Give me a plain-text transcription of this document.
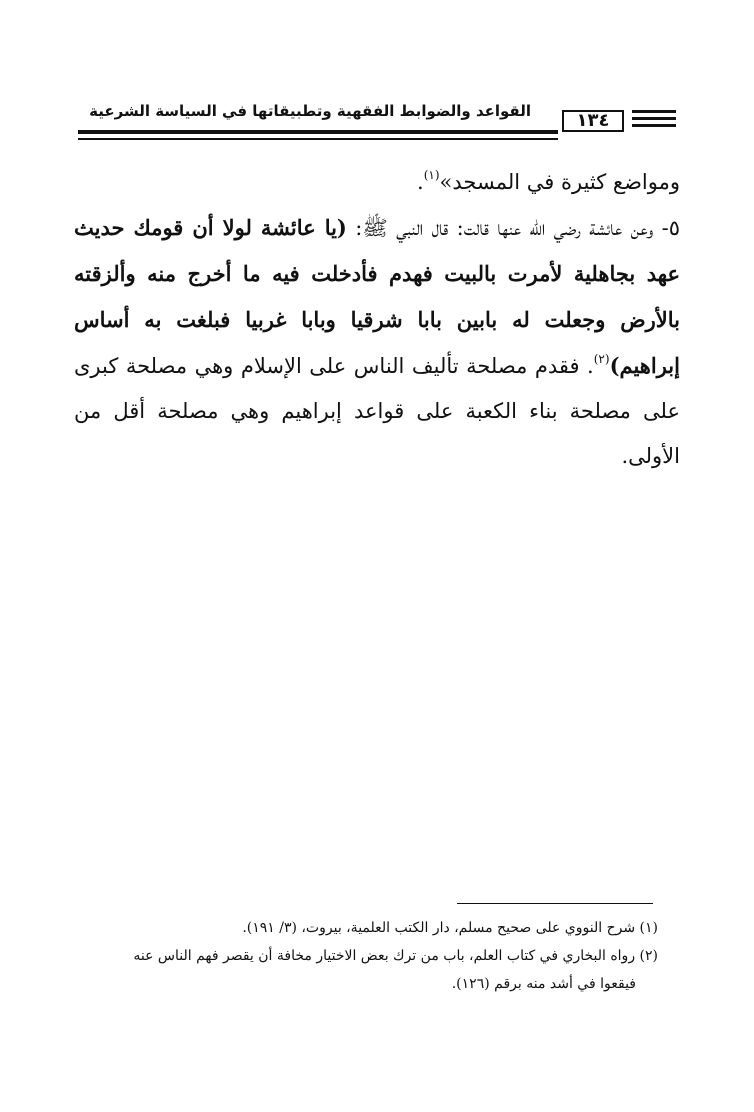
القواعد والضوابط الفقهية وتطبيقاتها في السياسة الشرعية	١٣٤

ومواضع كثيرة في المسجد»$^{(١)}$.

٥- وعن عائشة رضي الله عنها قالت: قال النبي ﷺ: (يا عائشة لولا أن قومك حديث عهد بجاهلية لأمرت بالبيت فهدم فأدخلت فيه ما أخرج منه وألزقته بالأرض وجعلت له بابين بابا شرقيا وبابا غربيا فبلغت به أساس إبراهيم)$^{(٢)}$. فقدم مصلحة تأليف الناس على الإسلام وهي مصلحة كبرى على مصلحة بناء الكعبة على قواعد إبراهيم وهي مصلحة أقل من الأولى.

(١) شرح النووي على صحيح مسلم، دار الكتب العلمية، بيروت، (٣/ ١٩١).

(٢) رواه البخاري في كتاب العلم، باب من ترك بعض الاختيار مخافة أن يقصر فهم الناس عنه

فيقعوا في أشد منه برقم (١٢٦).
